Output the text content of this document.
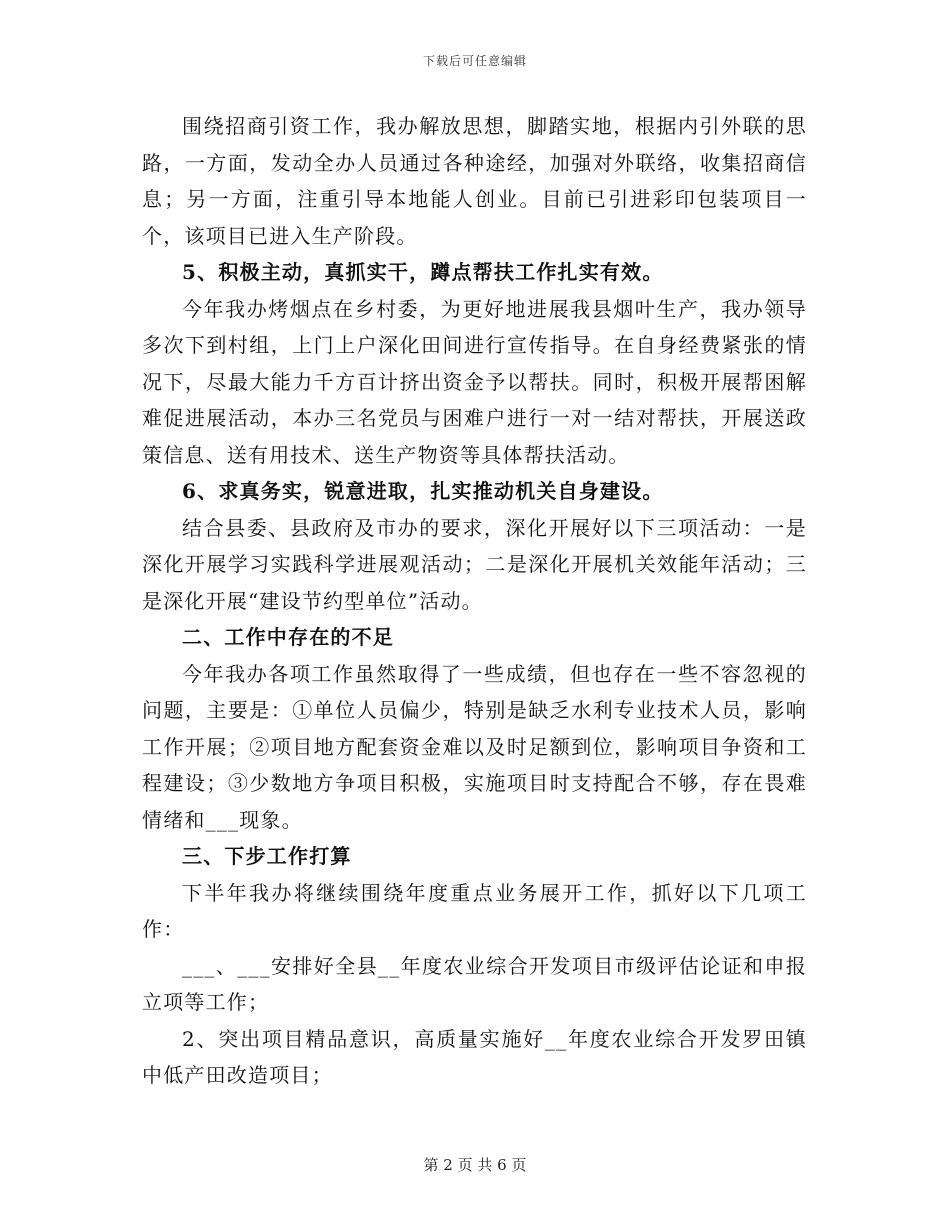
下载后可任意编辑

围绕招商引资工作，我办解放思想，脚踏实地，根据内引外联的思路，一方面，发动全办人员通过各种途经，加强对外联络，收集招商信息；另一方面，注重引导本地能人创业。目前已引进彩印包装项目一个，该项目已进入生产阶段。

5、积极主动，真抓实干，蹲点帮扶工作扎实有效。

今年我办烤烟点在乡村委，为更好地进展我县烟叶生产，我办领导多次下到村组，上门上户深化田间进行宣传指导。在自身经费紧张的情况下，尽最大能力千方百计挤出资金予以帮扶。同时，积极开展帮困解难促进展活动，本办三名党员与困难户进行一对一结对帮扶，开展送政策信息、送有用技术、送生产物资等具体帮扶活动。

6、求真务实，锐意进取，扎实推动机关自身建设。

结合县委、县政府及市办的要求，深化开展好以下三项活动：一是深化开展学习实践科学进展观活动；二是深化开展机关效能年活动；三是深化开展“建设节约型单位”活动。

二、工作中存在的不足

今年我办各项工作虽然取得了一些成绩，但也存在一些不容忽视的问题，主要是：①单位人员偏少，特别是缺乏水利专业技术人员，影响工作开展；②项目地方配套资金难以及时足额到位，影响项目争资和工程建设；③少数地方争项目积极，实施项目时支持配合不够，存在畏难情绪和___现象。

三、下步工作打算

下半年我办将继续围绕年度重点业务展开工作，抓好以下几项工作：

___、___安排好全县__年度农业综合开发项目市级评估论证和申报立项等工作；

2、突出项目精品意识，高质量实施好__年度农业综合开发罗田镇中低产田改造项目；

第 2 页 共 6 页
